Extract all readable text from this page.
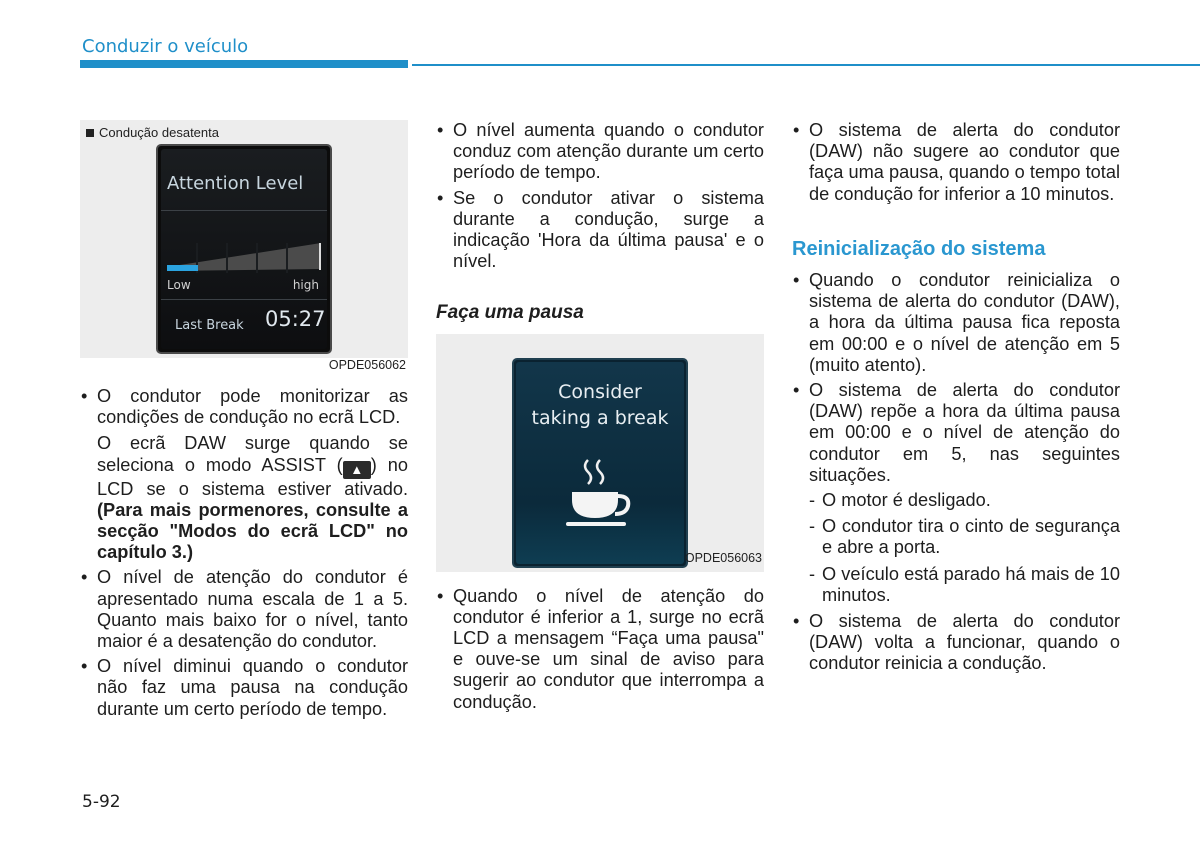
Conduzir o veículo
Condução desatenta
Attention Level
Low	high
Last Break 05:27
OPDE056062
• O condutor pode monitorizar as condições de condução no ecrã LCD.
O ecrã DAW surge quando se seleciona o modo ASSIST ( ▲ ) no LCD se o sistema estiver ativado. (Para mais pormenores, consulte a secção "Modos do ecrã LCD" no capítulo 3.)
• O nível de atenção do condutor é apresentado numa escala de 1 a 5. Quanto mais baixo for o nível, tanto maior é a desatenção do condutor.
• O nível diminui quando o condutor não faz uma pausa na condução durante um certo período de tempo.
• O nível aumenta quando o condutor conduz com atenção durante um certo período de tempo.
• Se o condutor ativar o sistema durante a condução, surge a indicação 'Hora da última pausa' e o nível.
Faça uma pausa
Consider
taking a break
OPDE056063
• Quando o nível de atenção do condutor é inferior a 1, surge no ecrã LCD a mensagem “Faça uma pausa" e ouve-se um sinal de aviso para sugerir ao condutor que interrompa a condução.
• O sistema de alerta do condutor (DAW) não sugere ao condutor que faça uma pausa, quando o tempo total de condução for inferior a 10 minutos.
Reinicialização do sistema
• Quando o condutor reinicializa o sistema de alerta do condutor (DAW), a hora da última pausa fica reposta em 00:00 e o nível de atenção em 5 (muito atento).
• O sistema de alerta do condutor (DAW) repõe a hora da última pausa em 00:00 e o nível de atenção do condutor em 5, nas seguintes situações.
- O motor é desligado.
- O condutor tira o cinto de segurança e abre a porta.
- O veículo está parado há mais de 10 minutos.
• O sistema de alerta do condutor (DAW) volta a funcionar, quando o condutor reinicia a condução.
5-92
